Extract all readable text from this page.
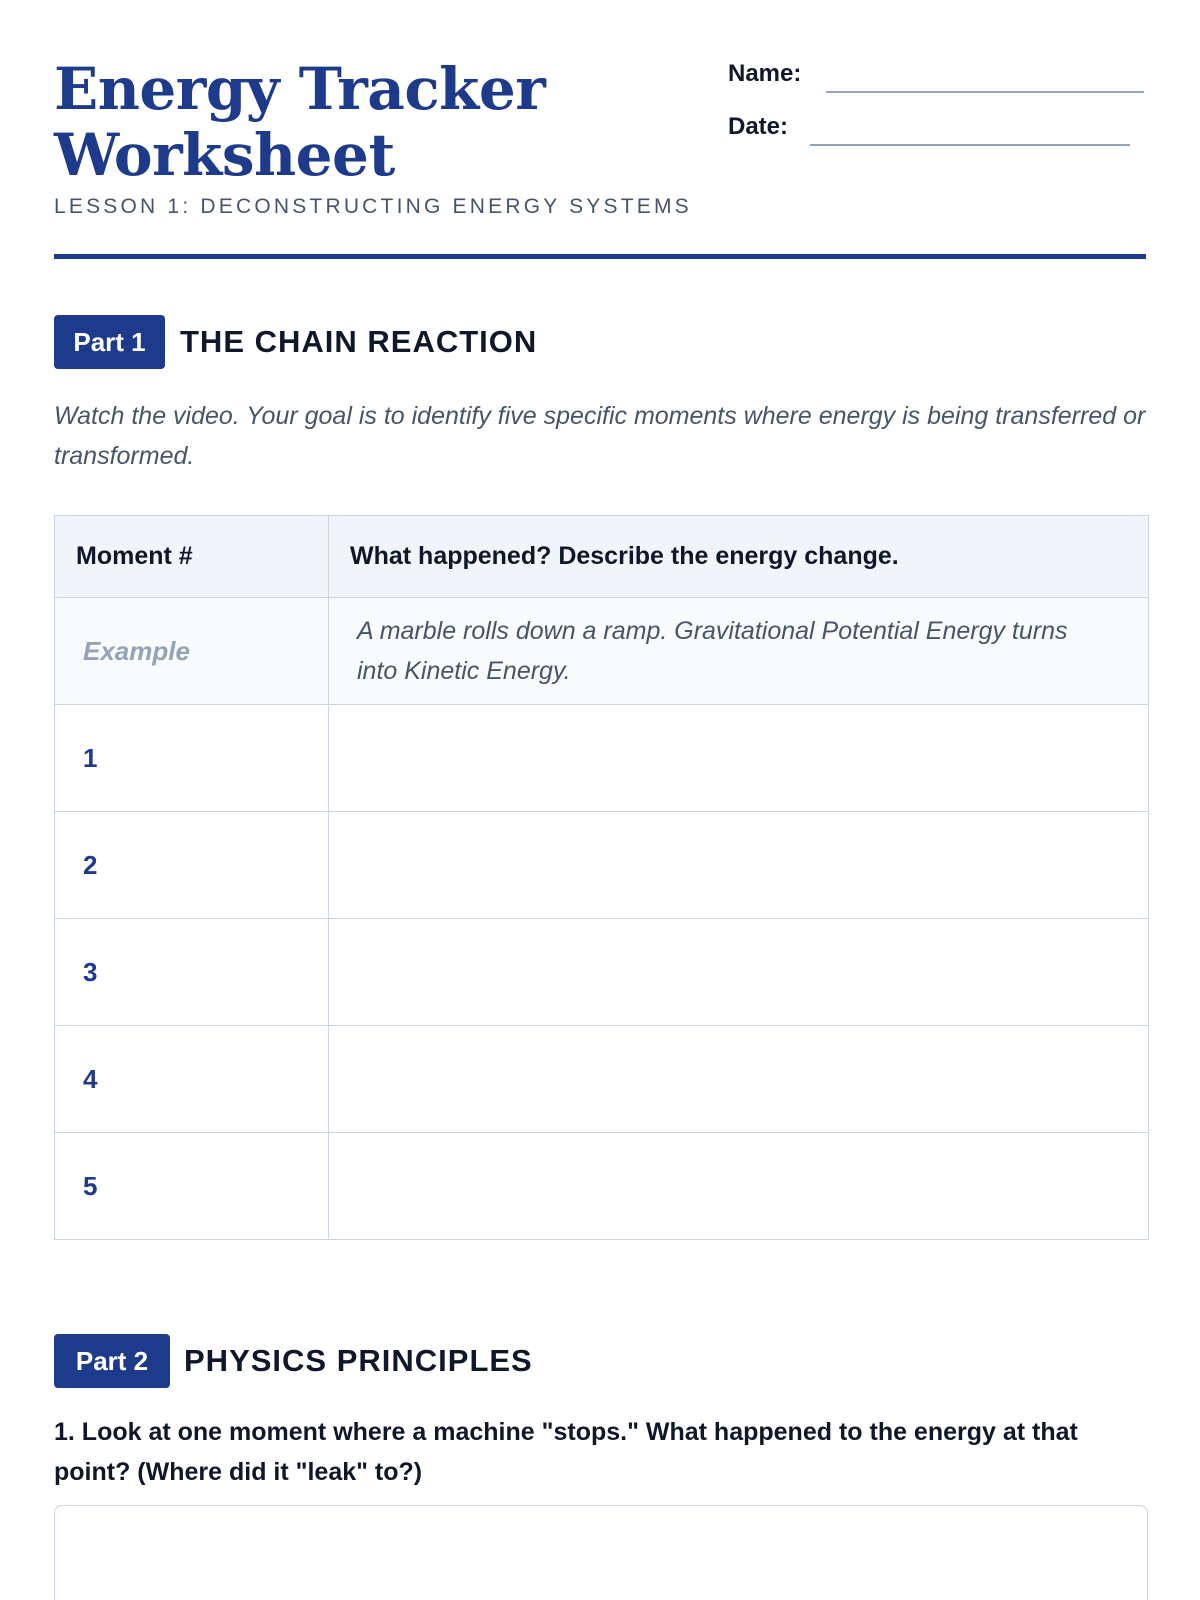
Energy Tracker
Worksheet
LESSON 1: DECONSTRUCTING ENERGY SYSTEMS
Name:
Date:
Part 1	THE CHAIN REACTION
Watch the video. Your goal is to identify five specific moments where energy is being transferred or transformed.
Moment #	What happened? Describe the energy change.
Example	A marble rolls down a ramp. Gravitational Potential Energy turns into Kinetic Energy.

1	
2	
3	
4	
5	
Part 2	PHYSICS PRINCIPLES
1. Look at one moment where a machine "stops." What happened to the energy at that point? (Where did it "leak" to?)
